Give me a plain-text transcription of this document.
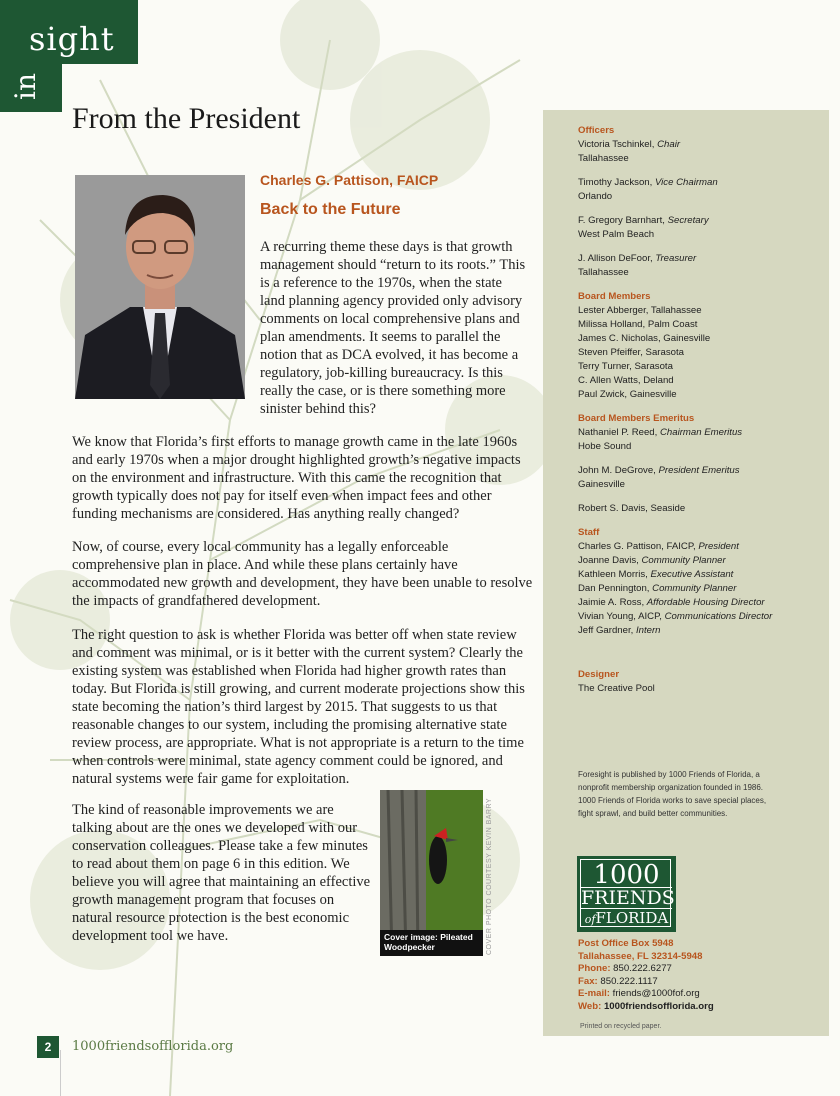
sight
in
From the President
Charles G. Pattison, FAICP
Back to the Future
A recurring theme these days is that growth management should “return to its roots.” This is a reference to the 1970s, when the state land planning agency provided only advisory comments on local comprehensive plans and plan amendments. It seems to parallel the notion that as DCA evolved, it has become a regulatory, job-killing bureaucracy. Is this really the case, or is there something more sinister behind this?
We know that Florida’s first efforts to manage growth came in the late 1960s and early 1970s when a major drought highlighted growth’s negative impacts on the environment and infrastructure. With this came the recognition that growth typically does not pay for itself even when impact fees and other funding mechanisms are considered. Has anything really changed?
Now, of course, every local community has a legally enforceable comprehensive plan in place. And while these plans certainly have accommodated new growth and development, they have been unable to resolve the impacts of grandfathered development.
The right question to ask is whether Florida was better off when state review and comment was minimal, or is it better with the current system? Clearly the existing system was established when Florida had higher growth rates than today. But Florida is still growing, and current moderate projections show this state becoming the nation’s third largest by 2015. That suggests to us that reasonable changes to our system, including the promising alternative state review process, are appropriate. What is not appropriate is a return to the time when controls were minimal, state agency comment could be ignored, and natural systems were fair game for exploitation.
The kind of reasonable improvements we are talking about are the ones we developed with our conservation colleagues. Please take a few minutes to read about them on page 6 in this edition. We believe you will agree that maintaining an effective growth management program that focuses on natural resource protection is the best economic development tool we have.	Cover image: Pileated Woodpecker	COVER PHOTO COURTESY KEVIN BARRY
Officers
Victoria Tschinkel, Chair
Tallahassee
Timothy Jackson, Vice Chairman
Orlando
F. Gregory Barnhart, Secretary
West Palm Beach
J. Allison DeFoor, Treasurer
Tallahassee
Board Members
Lester Abberger, Tallahassee
Milissa Holland, Palm Coast
James C. Nicholas, Gainesville
Steven Pfeiffer, Sarasota
Terry Turner, Sarasota
C. Allen Watts, Deland
Paul Zwick, Gainesville
Board Members Emeritus
Nathaniel P. Reed, Chairman Emeritus
Hobe Sound
John M. DeGrove, President Emeritus
Gainesville
Robert S. Davis, Seaside
Staff
Charles G. Pattison, FAICP, President
Joanne Davis, Community Planner
Kathleen Morris, Executive Assistant
Dan Pennington, Community Planner
Jaimie A. Ross, Affordable Housing Director
Vivian Young, AICP, Communications Director
Jeff Gardner, Intern
Designer
The Creative Pool
Foresight is published by 1000 Friends of Florida, a nonprofit membership organization founded in 1986. 1000 Friends of Florida works to save special places, fight sprawl, and build better communities.
1000
FRIENDS
ofFLORIDA
Post Office Box 5948
Tallahassee, FL 32314-5948
Phone: 850.222.6277
Fax: 850.222.1117
E-mail: friends@1000fof.org
Web: 1000friendsofflorida.org
Printed on recycled paper.
2	1000friendsofflorida.org
